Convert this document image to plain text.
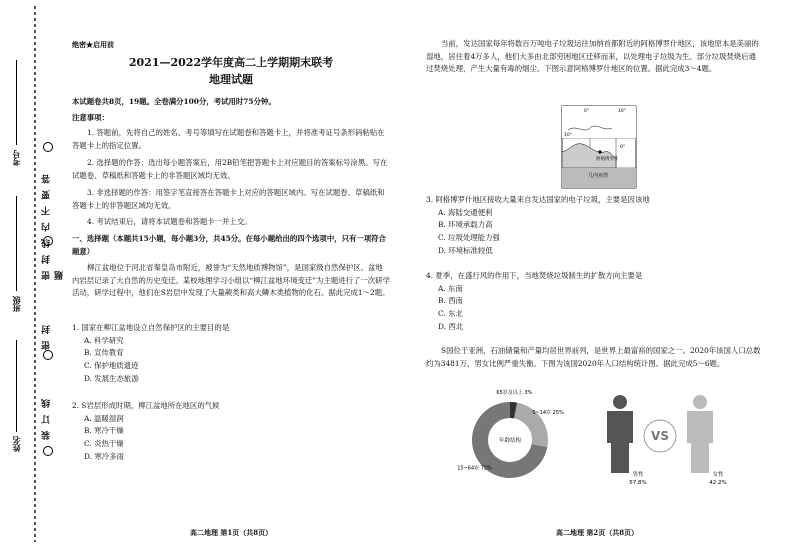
考号
班级
姓名
密 封 线 内 不 要 答 题
密 封
装 订 线
绝密★启用前
2021—2022学年度高二上学期期末联考
地理试题
本试题卷共8页，19题。全卷满分100分，考试用时75分钟。
注意事项：
1. 答题前，先将自己的姓名、考号等填写在试题卷和答题卡上，并将准考证号条形码粘贴在答题卡上的指定位置。
2. 选择题的作答：选出每小题答案后，用2B铅笔把答题卡上对应题目的答案标号涂黑。写在试题卷、草稿纸和答题卡上的非答题区域均无效。
3. 非选择题的作答：用签字笔直接答在答题卡上对应的答题区域内。写在试题卷、草稿纸和答题卡上的非答题区域均无效。
4. 考试结束后，请将本试题卷和答题卡一并上交。
一、选择题（本题共15小题，每小题3分，共45分。在每小题给出的四个选项中，只有一项符合题意）
柳江盆地位于河北省秦皇岛市附近，被誉为“天然地质博物馆”，是国家级自然保护区。盆地内岩层记录了大自然的历史变迁。某校地理学习小组以“柳江盆地环境变迁”为主题进行了一次研学活动，研学过程中，他们在S岩层中发现了大量蕨类和高大鳞木类植物的化石。据此完成1～2题。
1. 国家在柳江盆地设立自然保护区的主要目的是
A. 科学研究
B. 宣传教育
C. 保护地质遗迹
D. 发展生态旅游
2. S岩层形成时期，柳江盆地所在地区的气候
A. 温暖湿润
B. 寒冷干燥
C. 炎热干燥
D. 寒冷多雨
高二地理 第1页（共8页）
当前，发达国家每年将数百万吨电子垃圾运往加纳首都附近的阿格博罗什地区，该地原本是美丽的湿地，居住着4万多人，他们大多由北部穷困地区迁移而来，以处理电子垃圾为生。部分垃圾焚烧后通过焚烧处理，产生大量有毒的烟尘。下图示意阿格博罗什地区的位置。据此完成3～4题。
阿格博罗什
几内亚湾
0°	10°
0°
10°
3. 阿格博罗什地区接收大量来自发达国家的电子垃圾，主要是因该地
A. 海陆交通便利
B. 环境承载力高
C. 垃圾处理能力强
D. 环境标准较低
4. 夏季，在盛行风的作用下，当地焚烧垃圾制生的扩散方向主要是
A. 东南
B. 西南
C. 东北
D. 西北
S国位于亚洲，石油储量和产量均居世界前列，是世界上最富裕的国家之一。2020年该国人口总数约为3481万，男女比例严重失衡。下图为该国2020年人口结构统计图。据此完成5～6题。
65岁及以上 3%
0~14岁 25%
15~64岁 72%
年龄结构	VS
男性
57.8%
女性
42.2%
高二地理 第2页（共8页）
